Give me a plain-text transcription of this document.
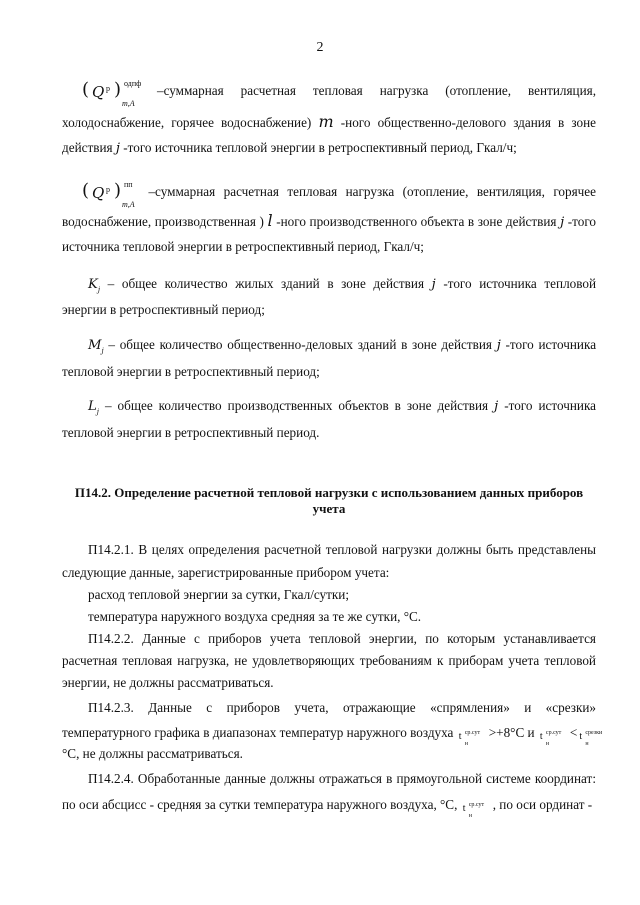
2
( Q р ) одпф
m,A
–суммарная расчетная тепловая нагрузка (отопление, вентиляция,
холодоснабжение, горячее водоснабжение) m -ного общественно-делового здания в зоне
действия j -того источника тепловой энергии в ретроспективный период, Гкал/ч;
( Q р ) пп
m,A
–суммарная расчетная тепловая нагрузка (отопление, вентиляция, горячее
водоснабжение, производственная ) l -ного производственного объекта в зоне действия j -того
источника тепловой энергии в ретроспективный период, Гкал/ч;
$K_j$ – общее количество жилых зданий в зоне действия j -того источника тепловой
энергии в ретроспективный период;
$M_j$ – общее количество общественно-деловых зданий в зоне действия j -того источника
тепловой энергии в ретроспективный период;
$L_j$ – общее количество производственных объектов в зоне действия j -того источника
тепловой энергии в ретроспективный период.
П14.2. Определение расчетной тепловой нагрузки с использованием данных приборов
учета
П14.2.1. В целях определения расчетной тепловой нагрузки должны быть представлены
следующие данные, зарегистрированные прибором учета:
расход тепловой энергии за сутки, Гкал/сутки;
температура наружного воздуха средняя за те же сутки, °С.
П14.2.2. Данные с приборов учета тепловой энергии, по которым устанавливается
расчетная тепловая нагрузка, не удовлетворяющих требованиям к приборам учета тепловой
энергии, не должны рассматриваться.
П14.2.3. Данные с приборов учета, отражающие «спрямления» и «срезки»
температурного графика в диапазонах температур наружного воздуха t ср.сут
н
>+8°С и t ср.сут
н
< t срезки
н
°С, не должны рассматриваться.
П14.2.4. Обработанные данные должны отражаться в прямоугольной системе координат:
по оси абсцисс - средняя за сутки температура наружного воздуха, °С, t ср.сут
н
, по оси ординат -
